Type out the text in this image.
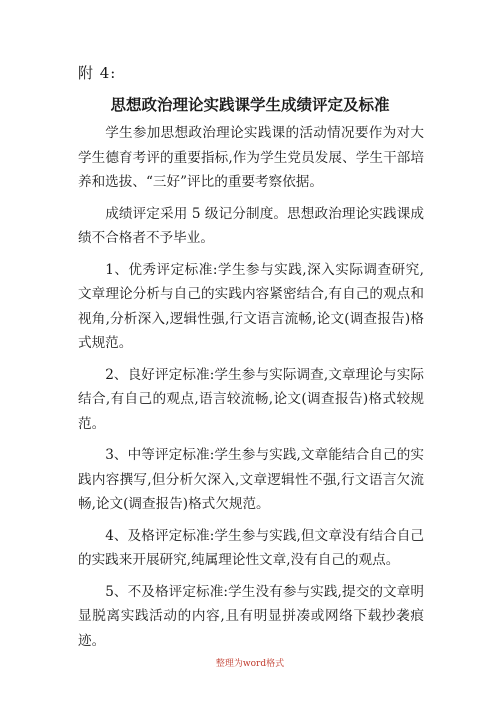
附 4:
思想政治理论实践课学生成绩评定及标准

学生参加思想政治理论实践课的活动情况要作为对大学生德育考评的重要指标,作为学生党员发展、学生干部培养和选拔、“三好”评比的重要考察依据。

成绩评定采用 5 级记分制度。思想政治理论实践课成绩不合格者不予毕业。

1、优秀评定标准:学生参与实践,深入实际调查研究,文章理论分析与自己的实践内容紧密结合,有自己的观点和视角,分析深入,逻辑性强,行文语言流畅,论文(调查报告)格式规范。

2、良好评定标准:学生参与实际调查,文章理论与实际结合,有自己的观点,语言较流畅,论文(调查报告)格式较规范。

3、中等评定标准:学生参与实践,文章能结合自己的实践内容撰写,但分析欠深入,文章逻辑性不强,行文语言欠流畅,论文(调查报告)格式欠规范。

4、及格评定标准:学生参与实践,但文章没有结合自己的实践来开展研究,纯属理论性文章,没有自己的观点。

5、不及格评定标准:学生没有参与实践,提交的文章明显脱离实践活动的内容,且有明显拼凑或网络下载抄袭痕迹。

整理为word格式
